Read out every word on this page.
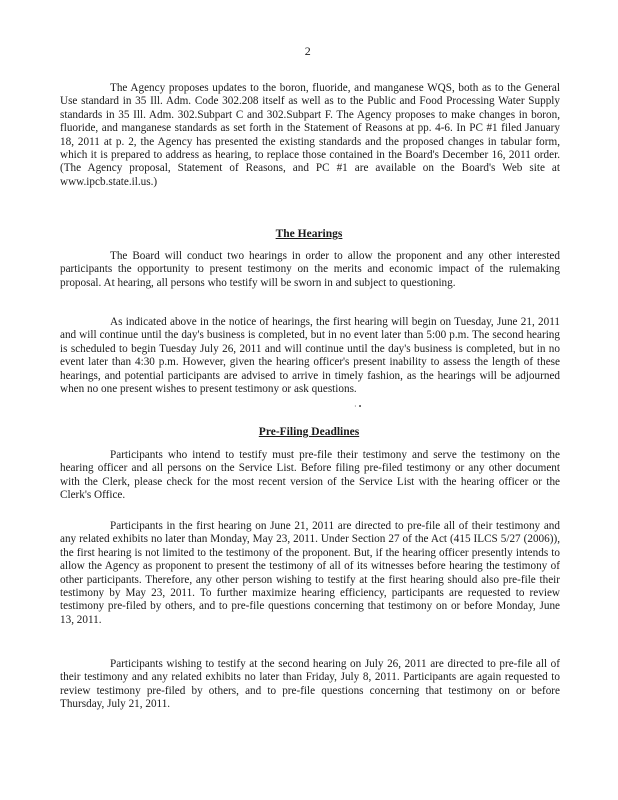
2

The Agency proposes updates to the boron, fluoride, and manganese WQS, both as to the General Use standard in 35 Ill. Adm. Code 302.208 itself as well as to the Public and Food Processing Water Supply standards in 35 Ill. Adm. 302.Subpart C and 302.Subpart F. The Agency proposes to make changes in boron, fluoride, and manganese standards as set forth in the Statement of Reasons at pp. 4-6. In PC #1 filed January 18, 2011 at p. 2, the Agency has presented the existing standards and the proposed changes in tabular form, which it is prepared to address as hearing, to replace those contained in the Board's December 16, 2011 order. (The Agency proposal, Statement of Reasons, and PC #1 are available on the Board's Web site at www.ipcb.state.il.us.)

The Hearings

The Board will conduct two hearings in order to allow the proponent and any other interested participants the opportunity to present testimony on the merits and economic impact of the rulemaking proposal. At hearing, all persons who testify will be sworn in and subject to questioning.

As indicated above in the notice of hearings, the first hearing will begin on Tuesday, June 21, 2011 and will continue until the day's business is completed, but in no event later than 5:00 p.m. The second hearing is scheduled to begin Tuesday July 26, 2011 and will continue until the day's business is completed, but in no event later than 4:30 p.m. However, given the hearing officer's present inability to assess the length of these hearings, and potential participants are advised to arrive in timely fashion, as the hearings will be adjourned when no one present wishes to present testimony or ask questions.

· •
Pre-Filing Deadlines

Participants who intend to testify must pre-file their testimony and serve the testimony on the hearing officer and all persons on the Service List. Before filing pre-filed testimony or any other document with the Clerk, please check for the most recent version of the Service List with the hearing officer or the Clerk's Office.

Participants in the first hearing on June 21, 2011 are directed to pre-file all of their testimony and any related exhibits no later than Monday, May 23, 2011. Under Section 27 of the Act (415 ILCS 5/27 (2006)), the first hearing is not limited to the testimony of the proponent. But, if the hearing officer presently intends to allow the Agency as proponent to present the testimony of all of its witnesses before hearing the testimony of other participants. Therefore, any other person wishing to testify at the first hearing should also pre-file their testimony by May 23, 2011. To further maximize hearing efficiency, participants are requested to review testimony pre-filed by others, and to pre-file questions concerning that testimony on or before Monday, June 13, 2011.

Participants wishing to testify at the second hearing on July 26, 2011 are directed to pre-file all of their testimony and any related exhibits no later than Friday, July 8, 2011. Participants are again requested to review testimony pre-filed by others, and to pre-file questions concerning that testimony on or before Thursday, July 21, 2011.
